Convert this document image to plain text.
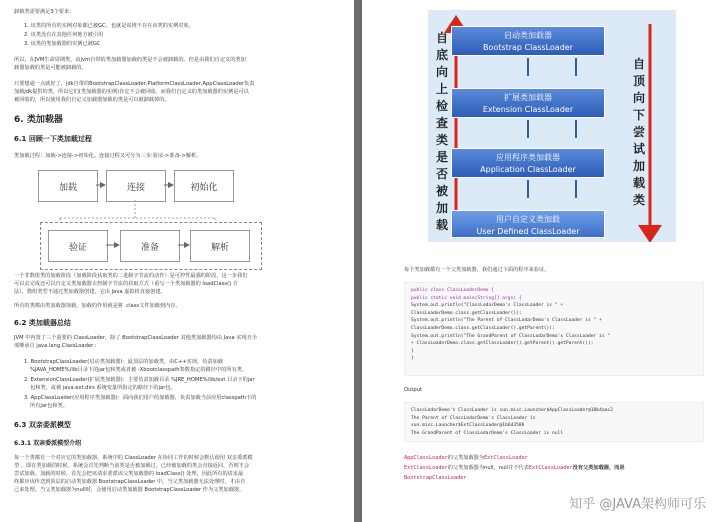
卸载类需要满足3个要求:
1. 该类的所有的实例对象都已被GC，也就是说堆不存在该类的实例对象。
2. 该类没有在其他任何地方被引用
3. 该类的类加载器的实例已被GC
所以，在JVM生命周期类，由jvm自带的类加载器加载的类是不会被卸载的。但是由我们自定义的类加
载器加载的类是可能被卸载的。
只要想通一点就好了，jdk自带的BootstrapClassLoader,PlatformClassLoader,AppClassLoader负责
加载jdk提供的类，所以它们(类加载器的实例)肯定不会被回收。而我们自定义的类加载器的实例是可以
被回收的，所以使用我们自定义加载器加载的类是可以被卸载掉的。
6. 类加载器
6.1 回顾一下类加载过程
类加载过程：加载->连接->初始化。连接过程又可分为三步:验证->准备->解析。
加载	连接	初始化
验证	准备	解析
一个非数组类的加载阶段（加载阶段获取类的二进制字节流的动作）是可控性最强的阶段，这一步我们
可以去完成还可以自定义类加载器去控制字节流的获取方式（重写一个类加载器的 loadClass() 方
法）。数组类型不通过类加载器创建，它由 Java 虚拟机直接创建。
所有的类都由类加载器加载，加载的作用就是将 .class文件加载到内存。
6.2 类加载器总结
JVM 中内置了三个重要的 ClassLoader，除了 BootstrapClassLoader 其他类加载器均由 Java 实现且全
部继承自 java.lang.ClassLoader :
1. BootstrapClassLoader(启动类加载器)：最顶层的加载类，由C++实现，负责加载
%JAVA_HOME%/lib目录下的jar包和类或者被 -Xbootclasspath参数指定的路径中的所有类。
2. ExtensionClassLoader(扩展类加载器)：主要负责加载目录 %JRE_HOME%/lib/ext 目录下的jar
包和类，或被 java.ext.dirs 系统变量所指定的路径下的jar包。
3. AppClassLoader(应用程序类加载器)：面向我们用户的加载器，负责加载当前应用classpath下的
所有jar包和类。
6.3 双亲委派模型
6.3.1 双亲委派模型介绍
每一个类都有一个对应它的类加载器。系统中的 ClassLoader 在协同工作的时候会默认使用 双亲委派模
型 。即在类加载的时候，系统会首先判断当前类是否被加载过。已经被加载的类会直接返回，否则才会
尝试加载。加载的时候，首先会把该请求委派该父类加载器的 loadClass() 处理，因此所有的请求最
终都应该传送到顶层的启动类加载器 BootstrapClassLoader 中。当父类加载器无法处理时，才由自
己来处理。当父类加载器为null时，会使用启动类加载器 BootstrapClassLoader 作为父类加载器。
启动类加载器
Bootstrap ClassLoader
扩展类加载器
Extension ClassLoader
应用程序类加载器
Application ClassLoader
用户自定义类加载
User Defined ClassLoader
自
底
向
上
检
查
类
是
否
被
加
载
自
顶
向
下
尝
试
加
载
类
每个类加载都有一个父类加载器，我们通过下面的程序来验证。
public class ClassLoaderDemo {
public static void main(String[] args) {
System.out.println("ClassLodarDemo's ClassLoader is " +
ClassLoaderDemo.class.getClassLoader());
System.out.println("The Parent of ClassLodarDemo's ClassLoader is " +
ClassLoaderDemo.class.getClassLoader().getParent());
System.out.println("The GrandParent of ClassLodarDemo's ClassLoader is "
+ ClassLoaderDemo.class.getClassLoader().getParent().getParent());
}
}
Output
ClassLodarDemo's ClassLoader is sun.misc.Launcher$AppClassLoader@18b4aac2
The Parent of ClassLodarDemo's ClassLoader is
sun.misc.Launcher$ExtClassLoader@1b6d3586
The GrandParent of ClassLodarDemo's ClassLoader is null
AppClassLoader的父类加载器为ExtClassLoader
ExtClassLoader的父类加载器为null，null并不代表ExtClassLoader没有父类加载器，而是
BootstrapClassLoader
知乎 @JAVA架构师可乐
